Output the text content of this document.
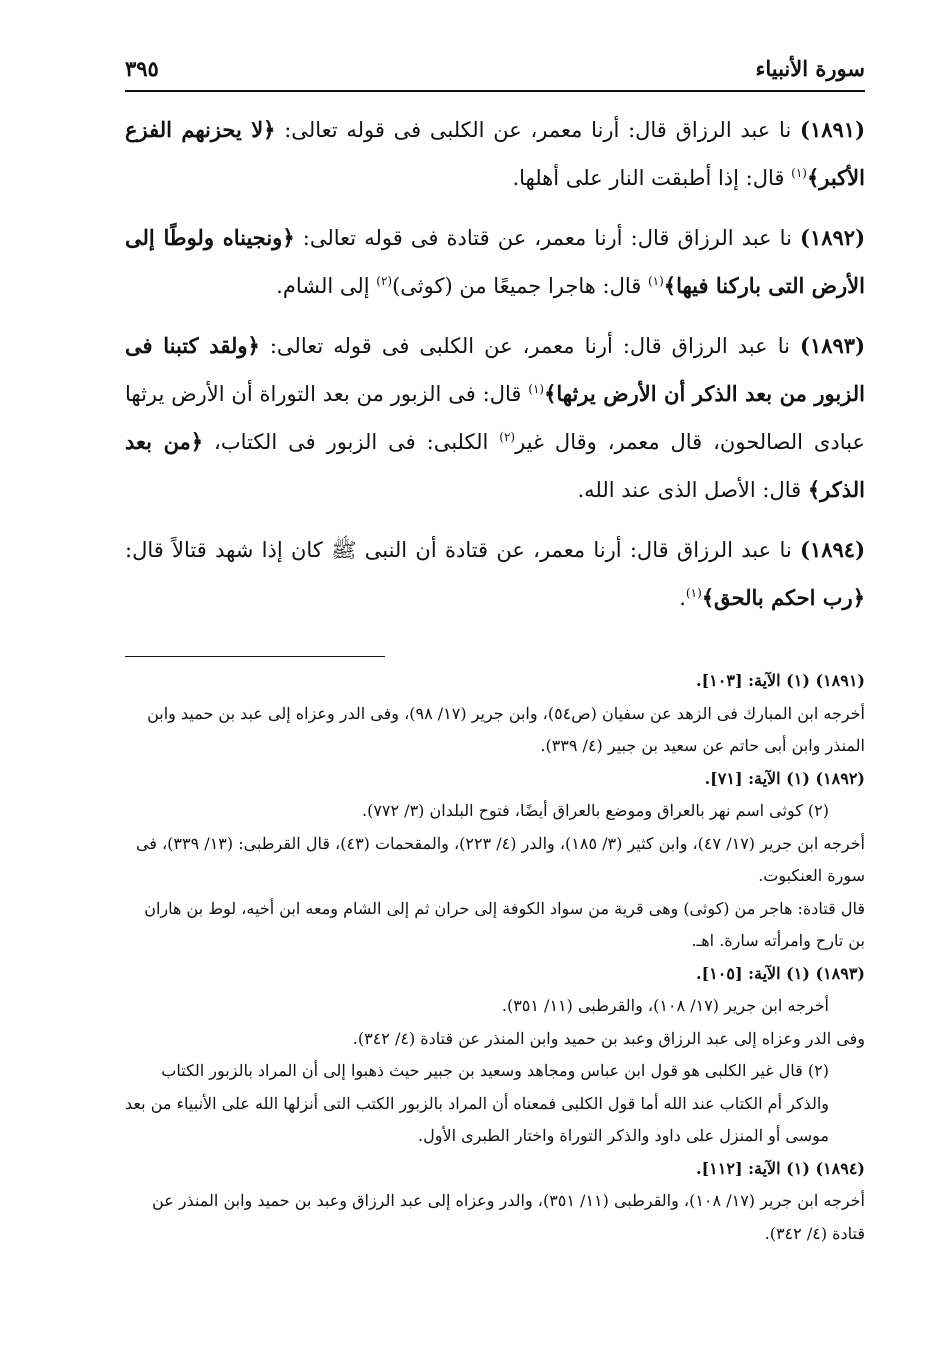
سورة الأنبياء
٣٩٥

(١٨٩١) نا عبد الرزاق قال: أرنا معمر، عن الكلبى فى قوله تعالى: ﴿لا يحزنهم الفزع الأكبر﴾$^{(١)}$ قال: إذا أطبقت النار على أهلها.

(١٨٩٢) نا عبد الرزاق قال: أرنا معمر، عن قتادة فى قوله تعالى: ﴿ونجيناه ولوطًا إلى الأرض التى باركنا فيها﴾$^{(١)}$ قال: هاجرا جميعًا من (كوثى)$^{(٢)}$ إلى الشام.

(١٨٩٣) نا عبد الرزاق قال: أرنا معمر، عن الكلبى فى قوله تعالى: ﴿ولقد كتبنا فى الزبور من بعد الذكر أن الأرض يرثها﴾$^{(١)}$ قال: فى الزبور من بعد التوراة أن الأرض يرثها عبادى الصالحون، قال معمر، وقال غير$^{(٢)}$ الكلبى: فى الزبور فى الكتاب، ﴿من بعد الذكر﴾ قال: الأصل الذى عند الله.

(١٨٩٤) نا عبد الرزاق قال: أرنا معمر، عن قتادة أن النبى ﷺ كان إذا شهد قتالاً قال: ﴿رب احكم بالحق﴾$^{(١)}$.

(١٨٩١) (١) الآية: [١٠٣].
أخرجه ابن المبارك فى الزهد عن سفيان (ص٥٤)، وابن جرير (١٧/ ٩٨)، وفى الدر وعزاه إلى عبد بن حميد وابن المنذر وابن أبى حاتم عن سعيد بن جبير (٤/ ٣٣٩).
(١٨٩٢) (١) الآية: [٧١].
(٢) كوثى اسم نهر بالعراق وموضع بالعراق أيضًا، فتوح البلدان (٣/ ٧٧٢).
أخرجه ابن جرير (١٧/ ٤٧)، وابن كثير (٣/ ١٨٥)، والدر (٤/ ٢٢٣)، والمقحمات (٤٣)، قال القرطبى: (١٣/ ٣٣٩)، فى سورة العنكبوت.
قال قتادة: هاجر من (كوثى) وهى قرية من سواد الكوفة إلى حران ثم إلى الشام ومعه ابن أخيه، لوط بن هاران بن تارح وامرأته سارة. اهـ.
(١٨٩٣) (١) الآية: [١٠٥].
أخرجه ابن جرير (١٧/ ١٠٨)، والقرطبى (١١/ ٣٥١).
وفى الدر وعزاه إلى عبد الرزاق وعبد بن حميد وابن المنذر عن قتادة (٤/ ٣٤٢).
(٢) قال غير الكلبى هو قول ابن عباس ومجاهد وسعيد بن جبير حيث ذهبوا إلى أن المراد بالزبور الكتاب والذكر أم الكتاب عند الله أما قول الكلبى فمعناه أن المراد بالزبور الكتب التى أنزلها الله على الأنبياء من بعد موسى أو المنزل على داود والذكر التوراة واختار الطبرى الأول.
(١٨٩٤) (١) الآية: [١١٢].
أخرجه ابن جرير (١٧/ ١٠٨)، والقرطبى (١١/ ٣٥١)، والدر وعزاه إلى عبد الرزاق وعبد بن حميد وابن المنذر عن قتادة (٤/ ٣٤٢).
